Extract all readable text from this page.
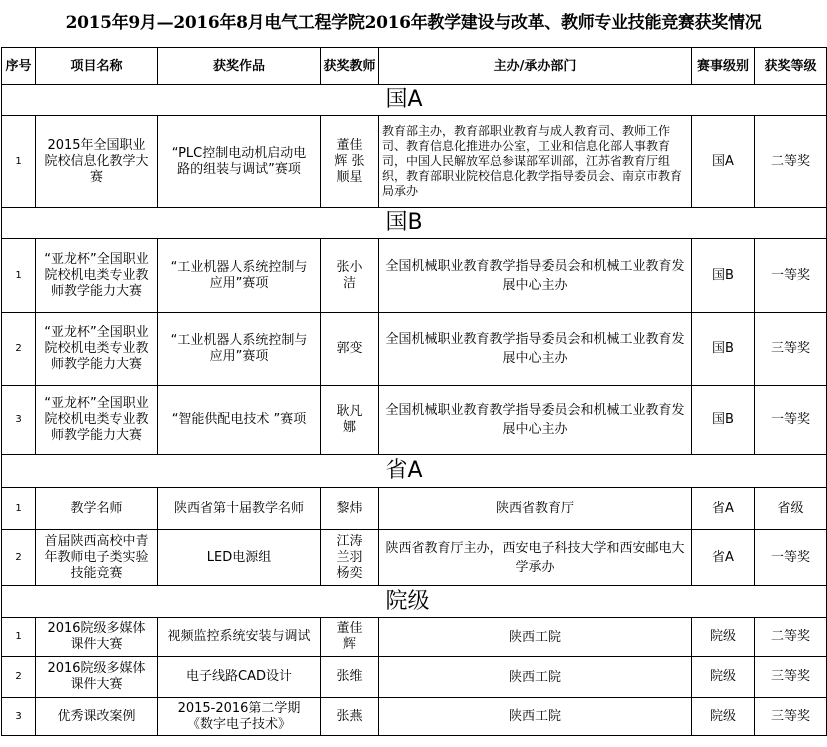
2015年9月—2016年8月电气工程学院2016年教学建设与改革、教师专业技能竞赛获奖情况
序号	项目名称	获奖作品	获奖教师	主办/承办部门	赛事级别	获奖等级
				国A		
1	2015年全国职业院校信息化教学大赛	“PLC控制电动机启动电路的组装与调试”赛项	董佳辉 张顺星	教育部主办，教育部职业教育与成人教育司、教师工作司、教育信息化推进办公室，工业和信息化部人事教育司，中国人民解放军总参谋部军训部，江苏省教育厅组织，教育部职业院校信息化教学指导委员会、南京市教育局承办	国A	二等奖
				国B		
1	“亚龙杯”全国职业院校机电类专业教师教学能力大赛	“工业机器人系统控制与应用”赛项	张小洁	全国机械职业教育教学指导委员会和机械工业教育发展中心主办	国B	一等奖
2	“亚龙杯”全国职业院校机电类专业教师教学能力大赛	“工业机器人系统控制与应用”赛项	郭变	全国机械职业教育教学指导委员会和机械工业教育发展中心主办	国B	三等奖
3	“亚龙杯”全国职业院校机电类专业教师教学能力大赛	“智能供配电技术 ”赛项	耿凡娜	全国机械职业教育教学指导委员会和机械工业教育发展中心主办	国B	一等奖
				省A		
1	教学名师	陕西省第十届教学名师	黎炜	陕西省教育厅	省A	省级
2	首届陕西高校中青年教师电子类实验技能竞赛	LED电源组	江涛 兰羽 杨奕	陕西省教育厅主办，西安电子科技大学和西安邮电大学承办	省A	一等奖
				院级		
1	2016院级多媒体课件大赛	视频监控系统安装与调试	董佳辉	陕西工院	院级	二等奖
2	2016院级多媒体课件大赛	电子线路CAD设计	张维	陕西工院	院级	三等奖
3	优秀课改案例	2015-2016第二学期《数字电子技术》	张燕	陕西工院	院级	三等奖
